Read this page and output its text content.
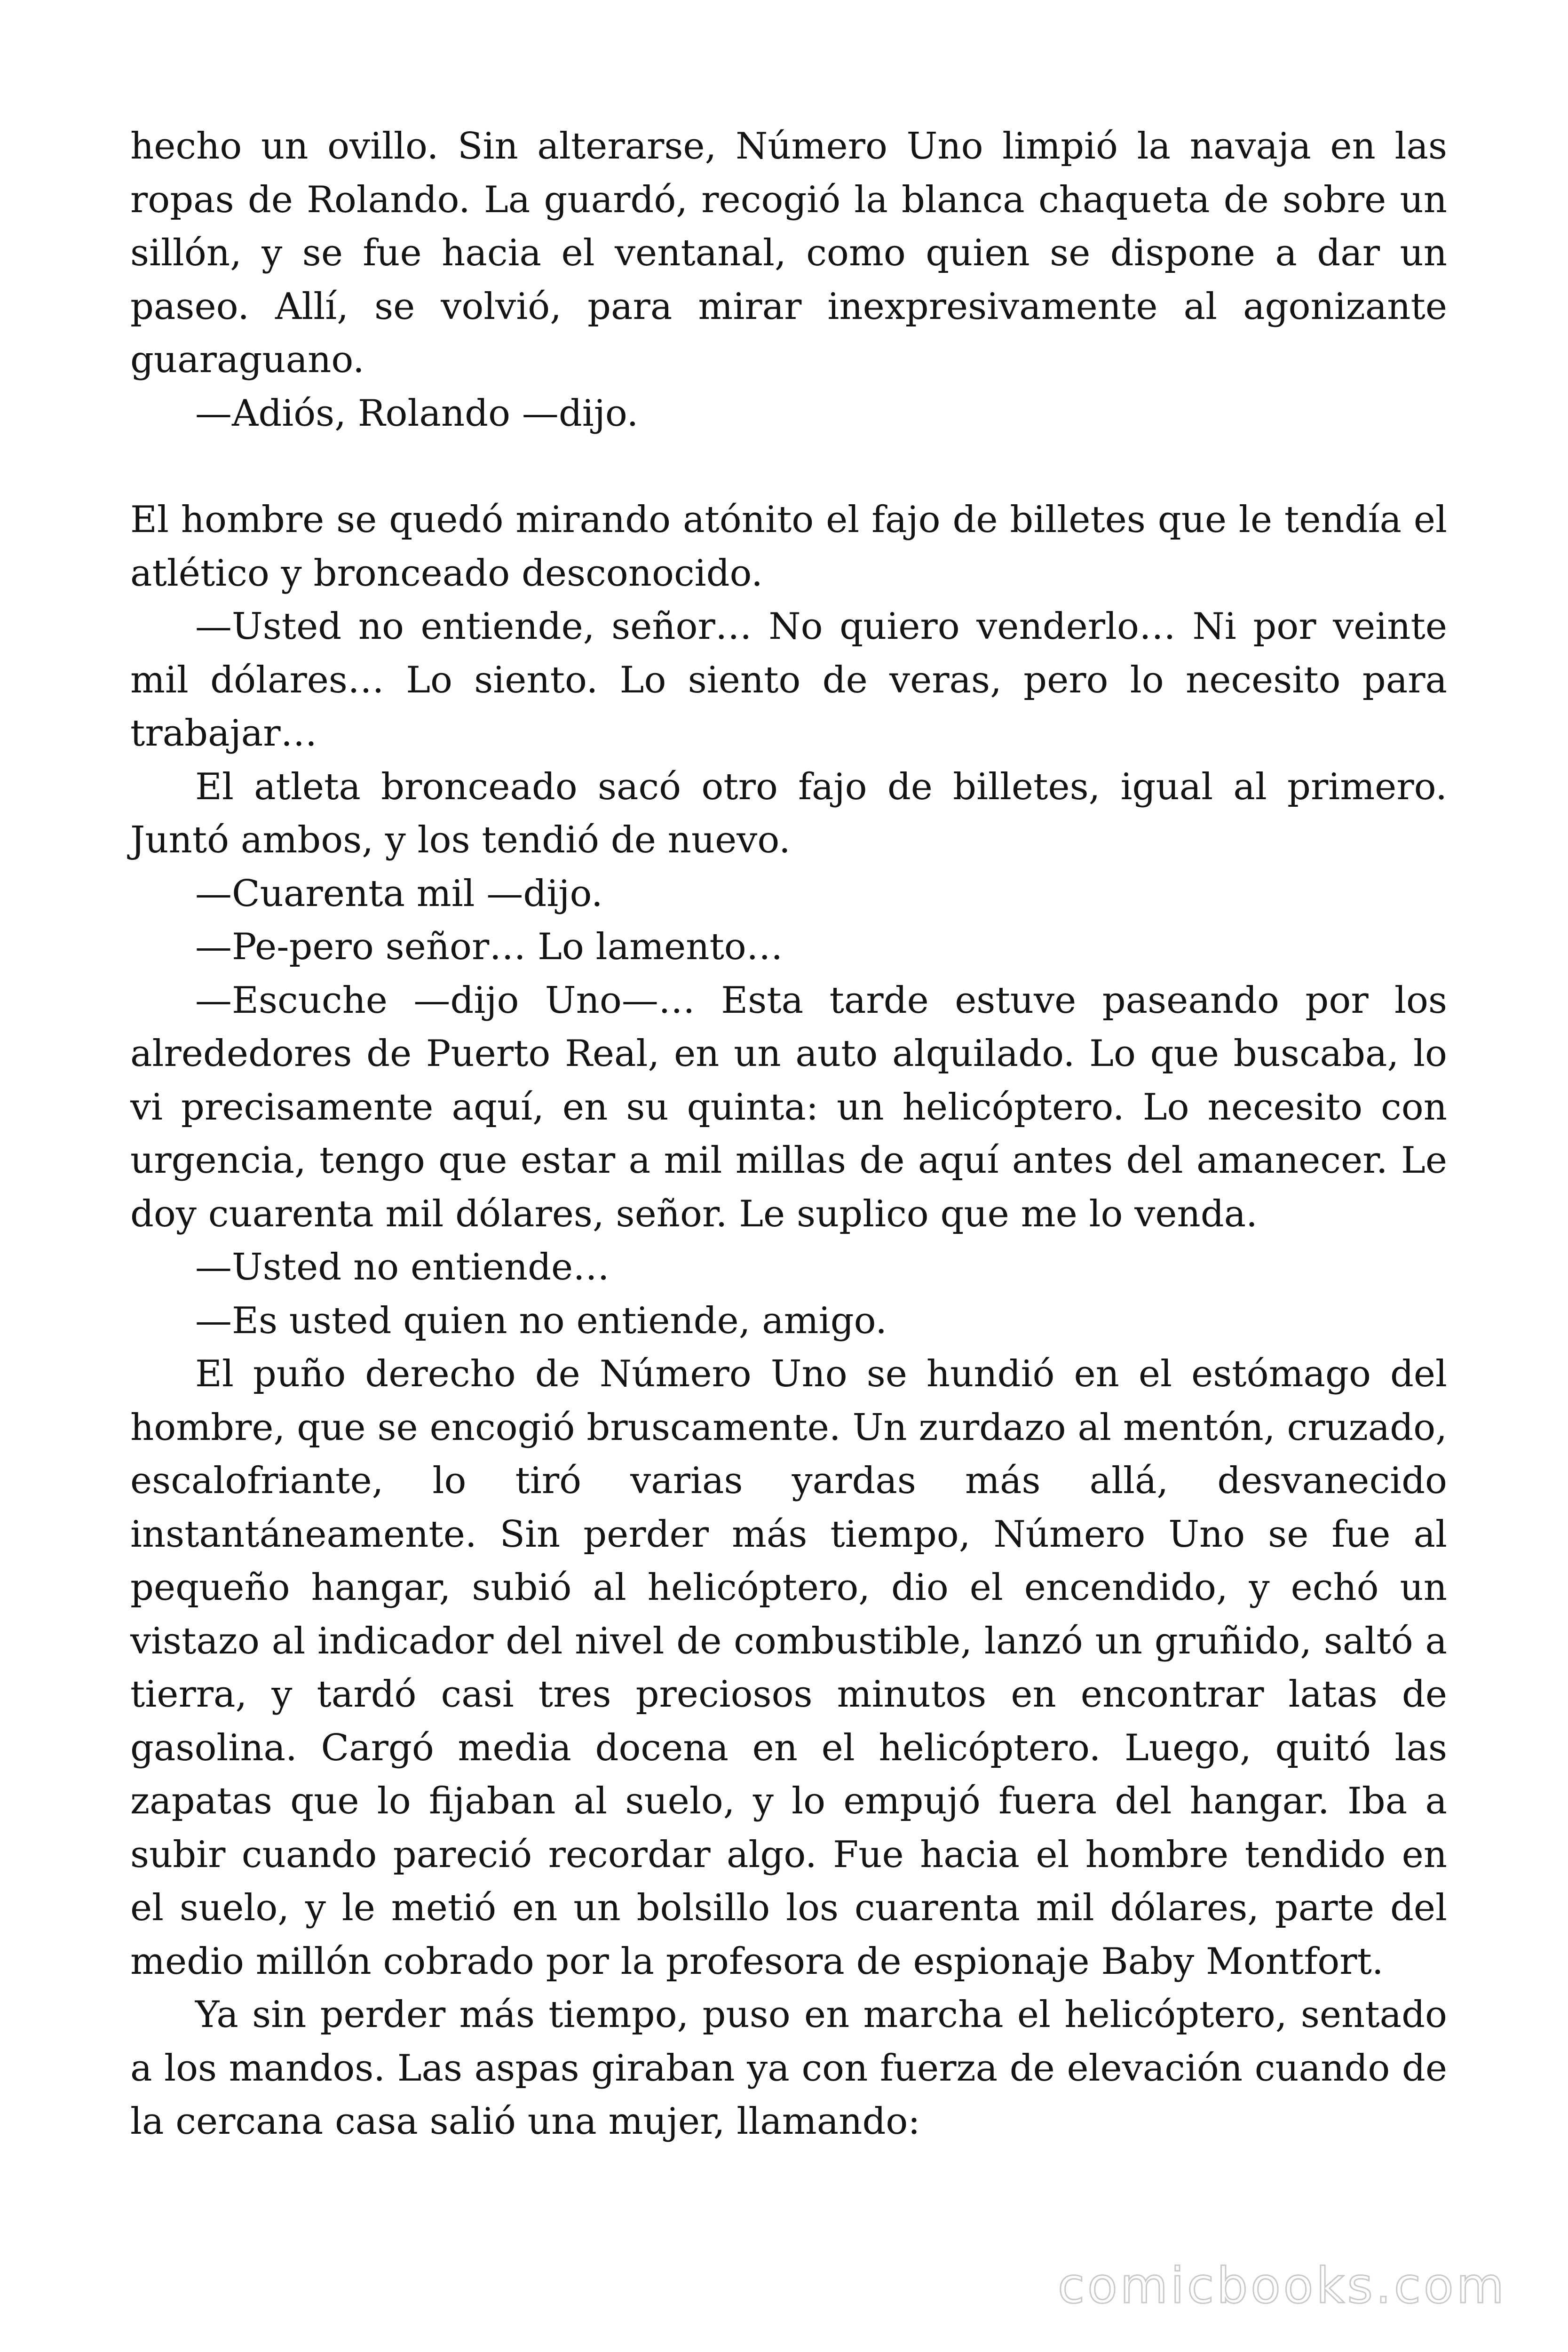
hecho un ovillo. Sin alterarse, Número Uno limpió la navaja en las ropas de Rolando. La guardó, recogió la blanca chaqueta de sobre un sillón, y se fue hacia el ventanal, como quien se dispone a dar un paseo. Allí, se volvió, para mirar inexpresivamente al agonizante guaraguano.

—Adiós, Rolando —dijo.

El hombre se quedó mirando atónito el fajo de billetes que le tendía el atlético y bronceado desconocido.

—Usted no entiende, señor… No quiero venderlo… Ni por veinte mil dólares… Lo siento. Lo siento de veras, pero lo necesito para trabajar…

El atleta bronceado sacó otro fajo de billetes, igual al primero. Juntó ambos, y los tendió de nuevo.

—Cuarenta mil —dijo.

—Pe-pero señor… Lo lamento…

—Escuche —dijo Uno—… Esta tarde estuve paseando por los alrededores de Puerto Real, en un auto alquilado. Lo que buscaba, lo vi precisamente aquí, en su quinta: un helicóptero. Lo necesito con urgencia, tengo que estar a mil millas de aquí antes del amanecer. Le doy cuarenta mil dólares, señor. Le suplico que me lo venda.

—Usted no entiende…

—Es usted quien no entiende, amigo.

El puño derecho de Número Uno se hundió en el estómago del hombre, que se encogió bruscamente. Un zurdazo al mentón, cruzado, escalofriante, lo tiró varias yardas más allá, desvanecido instantáneamente. Sin perder más tiempo, Número Uno se fue al pequeño hangar, subió al helicóptero, dio el encendido, y echó un vistazo al indicador del nivel de combustible, lanzó un gruñido, saltó a tierra, y tardó casi tres preciosos minutos en encontrar latas de gasolina. Cargó media docena en el helicóptero. Luego, quitó las zapatas que lo fijaban al suelo, y lo empujó fuera del hangar. Iba a subir cuando pareció recordar algo. Fue hacia el hombre tendido en el suelo, y le metió en un bolsillo los cuarenta mil dólares, parte del medio millón cobrado por la profesora de espionaje Baby Montfort.

Ya sin perder más tiempo, puso en marcha el helicóptero, sentado a los mandos. Las aspas giraban ya con fuerza de elevación cuando de la cercana casa salió una mujer, llamando:

comicbooks.com
